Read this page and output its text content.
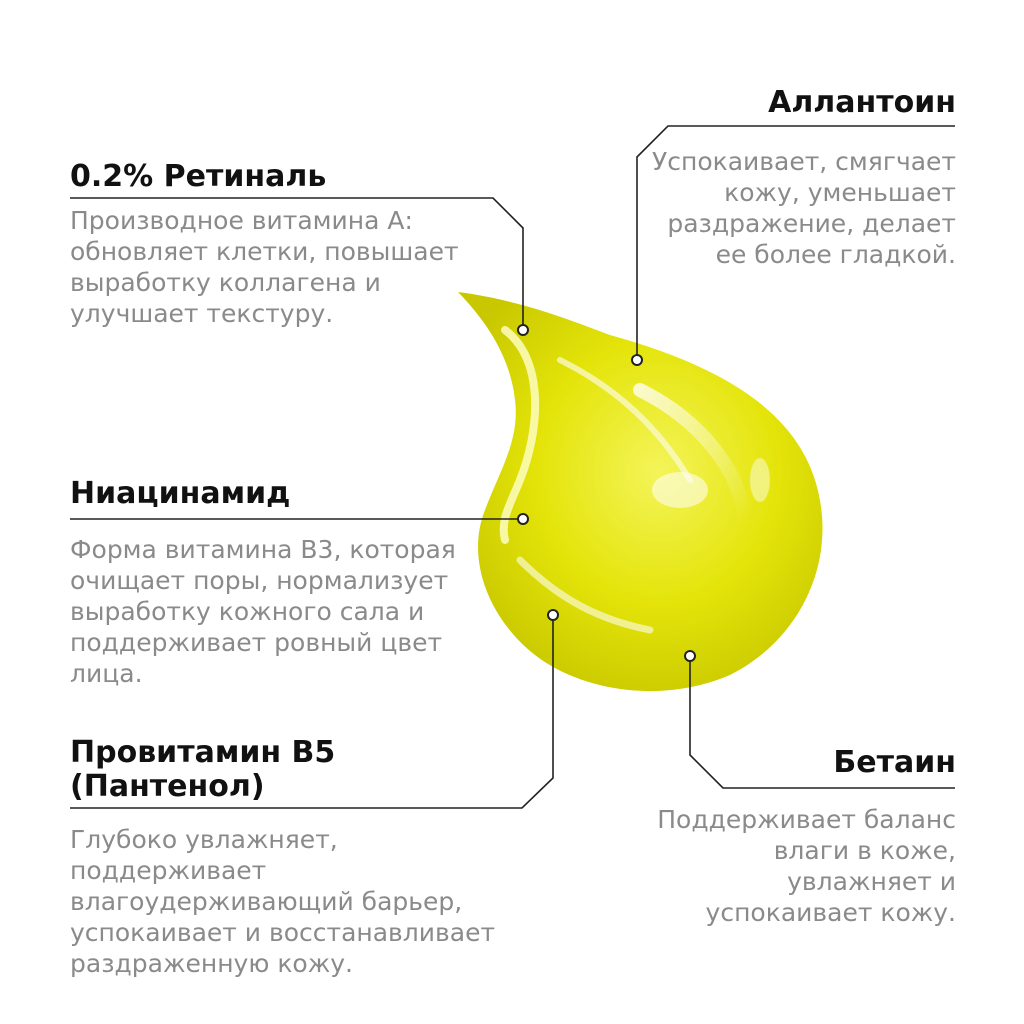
0.2% Ретиналь
Производное витамина А: обновляет клетки, повышает выработку коллагена и улучшает текстуру.
Аллантоин
Успокаивает, смягчает кожу, уменьшает раздражение, делает ее более гладкой.
Ниацинамид
Форма витамина В3, которая очищает поры, нормализует выработку кожного сала и поддерживает ровный цвет лица.
Провитамин В5 (Пантенол)
Глубоко увлажняет, поддерживает влагоудерживающий барьер, успокаивает и восстанавливает раздраженную кожу.
Бетаин
Поддерживает баланс влаги в коже, увлажняет и успокаивает кожу.
